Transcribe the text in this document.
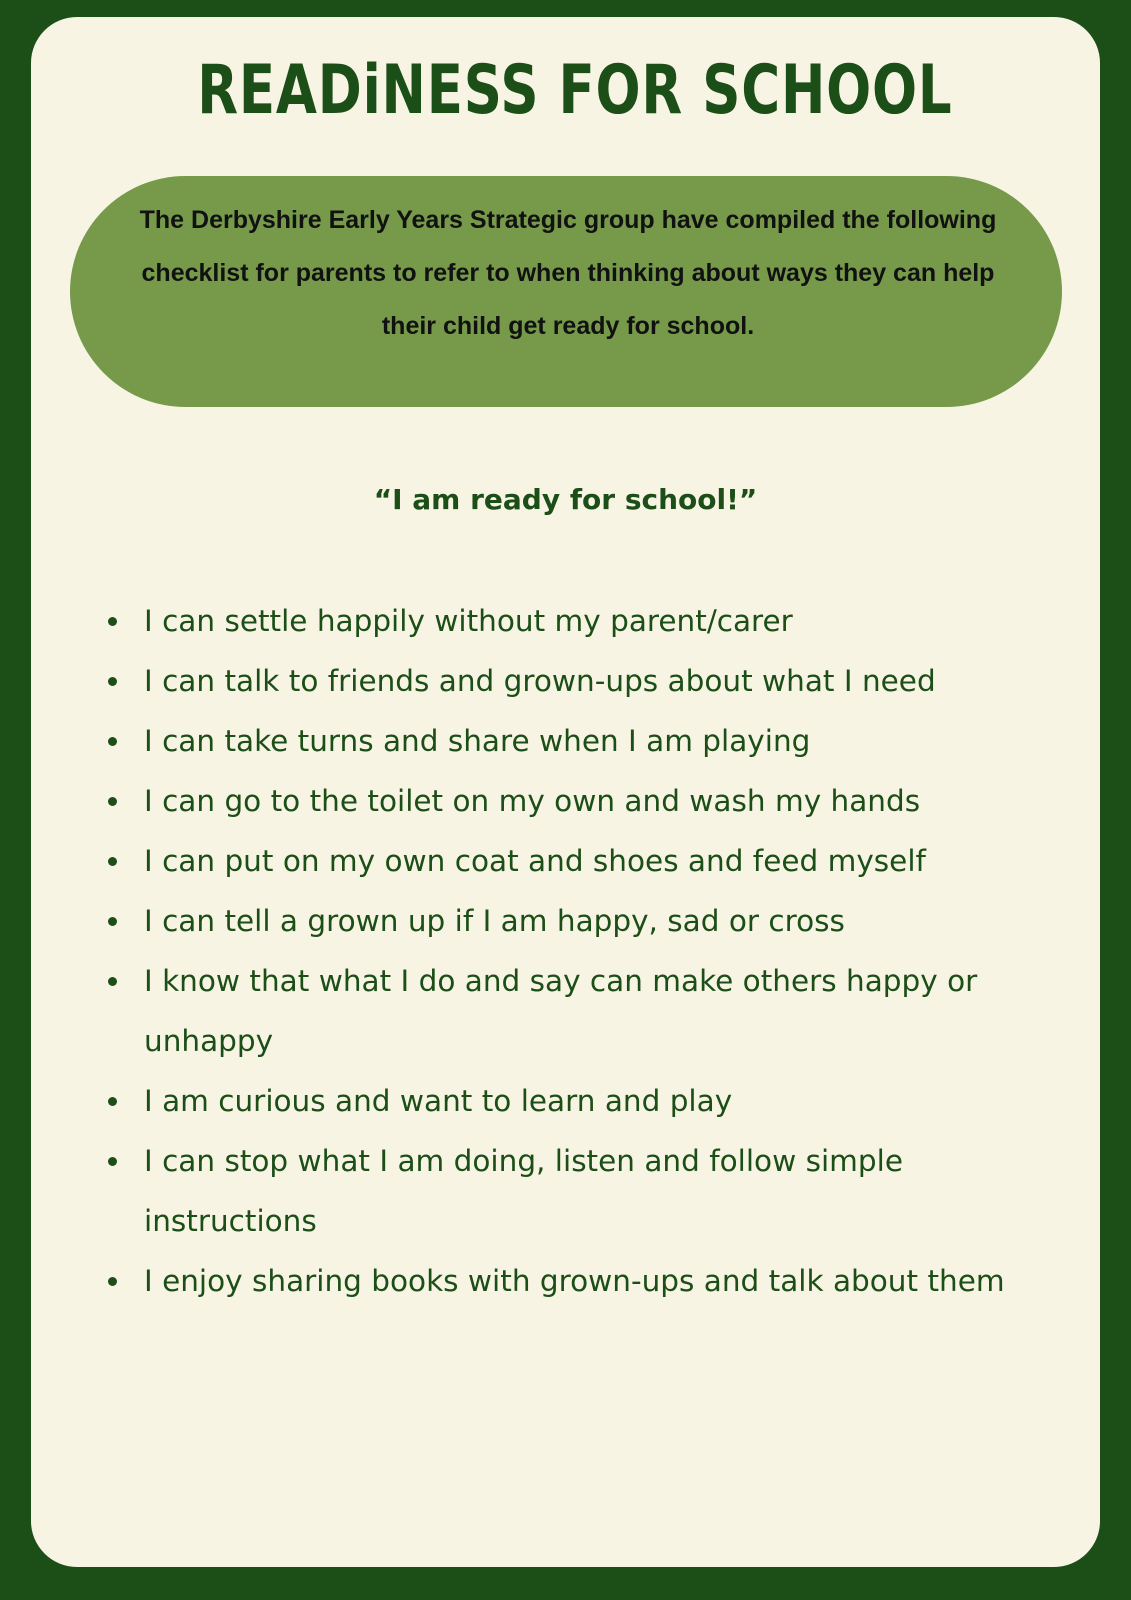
READiNESS FOR SCHOOL

The Derbyshire Early Years Strategic group have compiled the following checklist for parents to refer to when thinking about ways they can help their child get ready for school.

“I am ready for school!”
I can settle happily without my parent/carer
I can talk to friends and grown-ups about what I need
I can take turns and share when I am playing
I can go to the toilet on my own and wash my hands
I can put on my own coat and shoes and feed myself
I can tell a grown up if I am happy, sad or cross
I know that what I do and say can make others happy or unhappy
I am curious and want to learn and play
I can stop what I am doing, listen and follow simple instructions
I enjoy sharing books with grown-ups and talk about them
